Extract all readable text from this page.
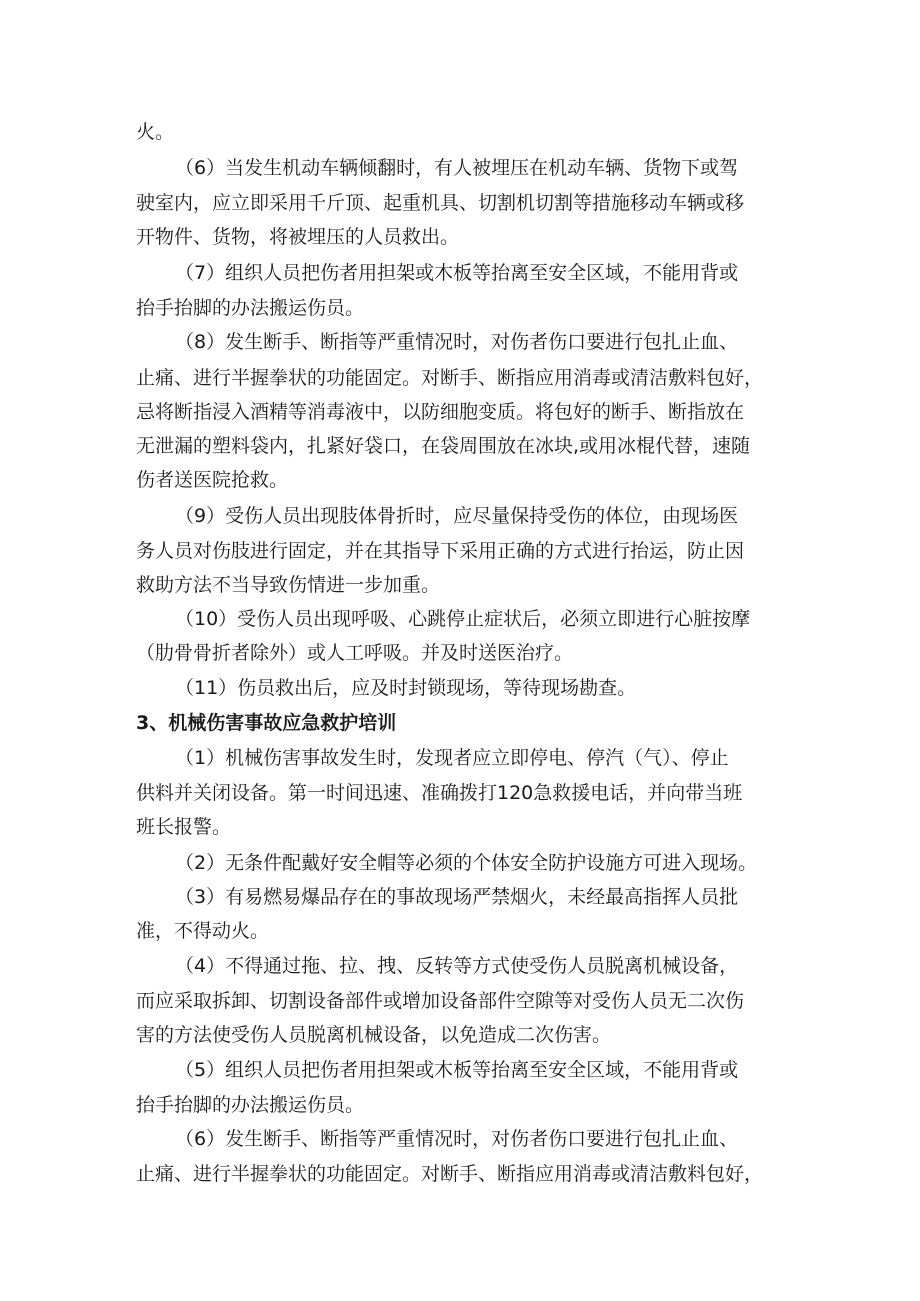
火。
（6）当发生机动车辆倾翻时，有人被埋压在机动车辆、货物下或驾
驶室内，应立即采用千斤顶、起重机具、切割机切割等措施移动车辆或移
开物件、货物，将被埋压的人员救出。
（7）组织人员把伤者用担架或木板等抬离至安全区域，不能用背或
抬手抬脚的办法搬运伤员。
（8）发生断手、断指等严重情况时，对伤者伤口要进行包扎止血、
止痛、进行半握拳状的功能固定。对断手、断指应用消毒或清洁敷料包好，
忌将断指浸入酒精等消毒液中，以防细胞变质。将包好的断手、断指放在
无泄漏的塑料袋内，扎紧好袋口，在袋周围放在冰块,或用冰棍代替，速随
伤者送医院抢救。
（9）受伤人员出现肢体骨折时，应尽量保持受伤的体位，由现场医
务人员对伤肢进行固定，并在其指导下采用正确的方式进行抬运，防止因
救助方法不当导致伤情进一步加重。
（10）受伤人员出现呼吸、心跳停止症状后，必须立即进行心脏按摩
（肋骨骨折者除外）或人工呼吸。并及时送医治疗。
（11）伤员救出后，应及时封锁现场，等待现场勘查。
3、机械伤害事故应急救护培训
（1）机械伤害事故发生时，发现者应立即停电、停汽（气）、停止
供料并关闭设备。第一时间迅速、准确拨打120急救援电话，并向带当班
班长报警。
（2）无条件配戴好安全帽等必须的个体安全防护设施方可进入现场。
（3）有易燃易爆品存在的事故现场严禁烟火，未经最高指挥人员批
准，不得动火。
（4）不得通过拖、拉、拽、反转等方式使受伤人员脱离机械设备，
而应采取拆卸、切割设备部件或增加设备部件空隙等对受伤人员无二次伤
害的方法使受伤人员脱离机械设备，以免造成二次伤害。
（5）组织人员把伤者用担架或木板等抬离至安全区域，不能用背或
抬手抬脚的办法搬运伤员。
（6）发生断手、断指等严重情况时，对伤者伤口要进行包扎止血、
止痛、进行半握拳状的功能固定。对断手、断指应用消毒或清洁敷料包好，
